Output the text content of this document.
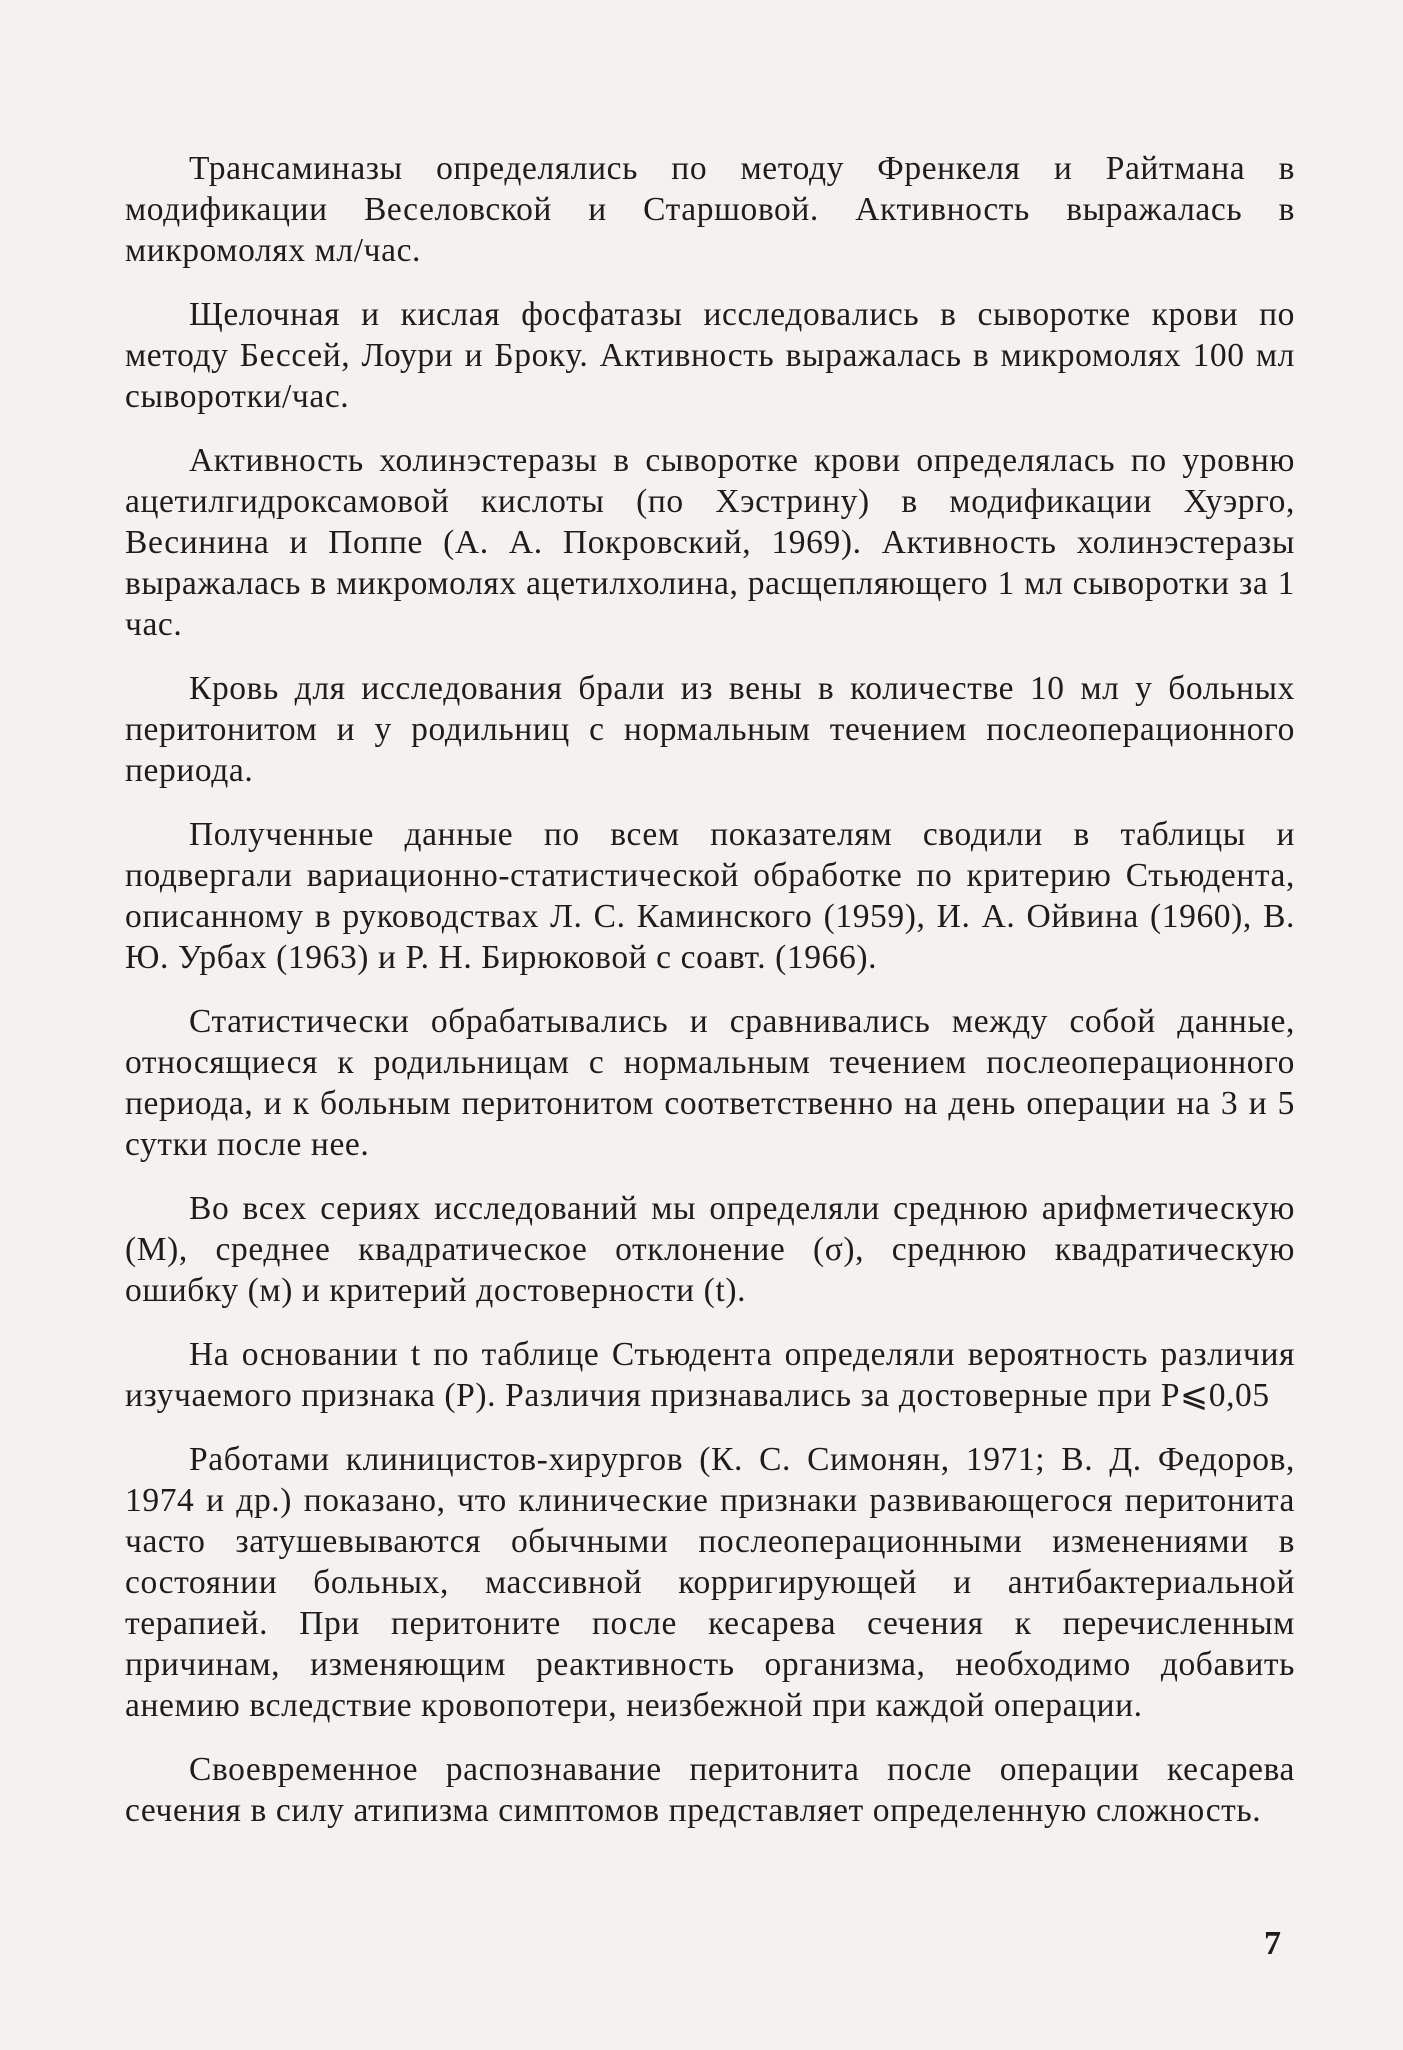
Трансаминазы определялись по методу Френкеля и Райтмана в модификации Веселовской и Старшовой. Активность выражалась в микромолях мл/час.

Щелочная и кислая фосфатазы исследовались в сыворотке крови по методу Бессей, Лоури и Броку. Активность выражалась в микромолях 100 мл сыворотки/час.

Активность холинэстеразы в сыворотке крови определялась по уровню ацетилгидроксамовой кислоты (по Хэстрину) в модификации Хуэрго, Весинина и Поппе (А. А. Покровский, 1969). Активность холинэстеразы выражалась в микромолях ацетилхолина, расщепляющего 1 мл сыворотки за 1 час.

Кровь для исследования брали из вены в количестве 10 мл у больных перитонитом и у родильниц с нормальным течением послеоперационного периода.

Полученные данные по всем показателям сводили в таблицы и подвергали вариационно-статистической обработке по критерию Стьюдента, описанному в руководствах Л. С. Каминского (1959), И. А. Ойвина (1960), В. Ю. Урбах (1963) и Р. Н. Бирюковой с соавт. (1966).

Статистически обрабатывались и сравнивались между собой данные, относящиеся к родильницам с нормальным течением послеоперационного периода, и к больным перитонитом соответственно на день операции на 3 и 5 сутки после нее.

Во всех сериях исследований мы определяли среднюю арифметическую (М), среднее квадратическое отклонение (σ), среднюю квадратическую ошибку (м) и критерий достоверности (t).

На основании t по таблице Стьюдента определяли вероятность различия изучаемого признака (Р). Различия признавались за достоверные при Р⩽0,05

Работами клиницистов-хирургов (К. С. Симонян, 1971; В. Д. Федоров, 1974 и др.) показано, что клинические признаки развивающегося перитонита часто затушевываются обычными послеоперационными изменениями в состоянии больных, массивной корригирующей и антибактериальной терапией. При перитоните после кесарева сечения к перечисленным причинам, изменяющим реактивность организма, необходимо добавить анемию вследствие кровопотери, неизбежной при каждой операции.

Своевременное распознавание перитонита после операции кесарева сечения в силу атипизма симптомов представляет определенную сложность.

7
